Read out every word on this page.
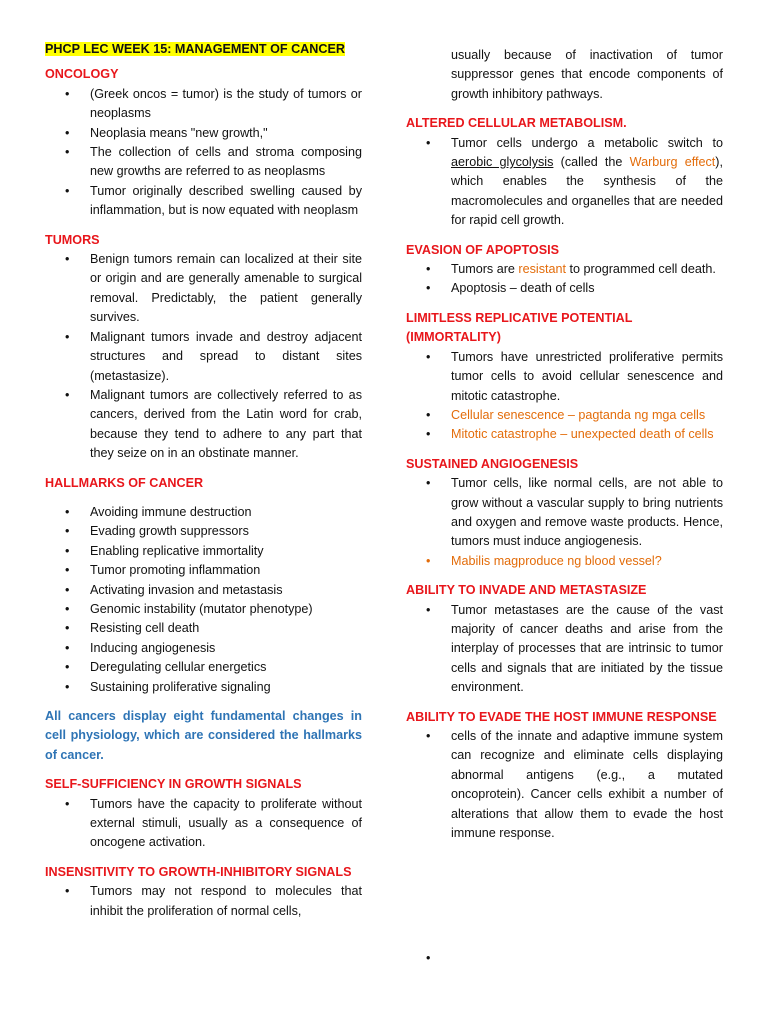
PHCP LEC WEEK 15: MANAGEMENT OF CANCER
ONCOLOGY
• (Greek oncos = tumor) is the study of tumors or neoplasms
• Neoplasia means "new growth,"
• The collection of cells and stroma composing new growths are referred to as neoplasms
• Tumor originally described swelling caused by inflammation, but is now equated with neoplasm
TUMORS
• Benign tumors remain can localized at their site or origin and are generally amenable to surgical removal. Predictably, the patient generally survives.
• Malignant tumors invade and destroy adjacent structures and spread to distant sites (metastasize).
• Malignant tumors are collectively referred to as cancers, derived from the Latin word for crab, because they tend to adhere to any part that they seize on in an obstinate manner.
HALLMARKS OF CANCER
• Avoiding immune destruction
• Evading growth suppressors
• Enabling replicative immortality
• Tumor promoting inflammation
• Activating invasion and metastasis
• Genomic instability (mutator phenotype)
• Resisting cell death
• Inducing angiogenesis
• Deregulating cellular energetics
• Sustaining proliferative signaling
All cancers display eight fundamental changes in cell physiology, which are considered the hallmarks of cancer.
SELF-SUFFICIENCY IN GROWTH SIGNALS
• Tumors have the capacity to proliferate without external stimuli, usually as a consequence of oncogene activation.
INSENSITIVITY TO GROWTH-INHIBITORY SIGNALS
• Tumors may not respond to molecules that inhibit the proliferation of normal cells,
usually because of inactivation of tumor suppressor genes that encode components of growth inhibitory pathways.
ALTERED CELLULAR METABOLISM.
• Tumor cells undergo a metabolic switch to aerobic glycolysis (called the Warburg effect), which enables the synthesis of the macromolecules and organelles that are needed for rapid cell growth.
EVASION OF APOPTOSIS
• Tumors are resistant to programmed cell death.
• Apoptosis – death of cells
LIMITLESS REPLICATIVE POTENTIAL (IMMORTALITY)
• Tumors have unrestricted proliferative permits tumor cells to avoid cellular senescence and mitotic catastrophe.
• Cellular senescence – pagtanda ng mga cells
• Mitotic catastrophe – unexpected death of cells
SUSTAINED ANGIOGENESIS
• Tumor cells, like normal cells, are not able to grow without a vascular supply to bring nutrients and oxygen and remove waste products. Hence, tumors must induce angiogenesis.
• Mabilis magproduce ng blood vessel?
ABILITY TO INVADE AND METASTASIZE
• Tumor metastases are the cause of the vast majority of cancer deaths and arise from the interplay of processes that are intrinsic to tumor cells and signals that are initiated by the tissue environment.
ABILITY TO EVADE THE HOST IMMUNE RESPONSE
• cells of the innate and adaptive immune system can recognize and eliminate cells displaying abnormal antigens (e.g., a mutated oncoprotein). Cancer cells exhibit a number of alterations that allow them to evade the host immune response.
•
